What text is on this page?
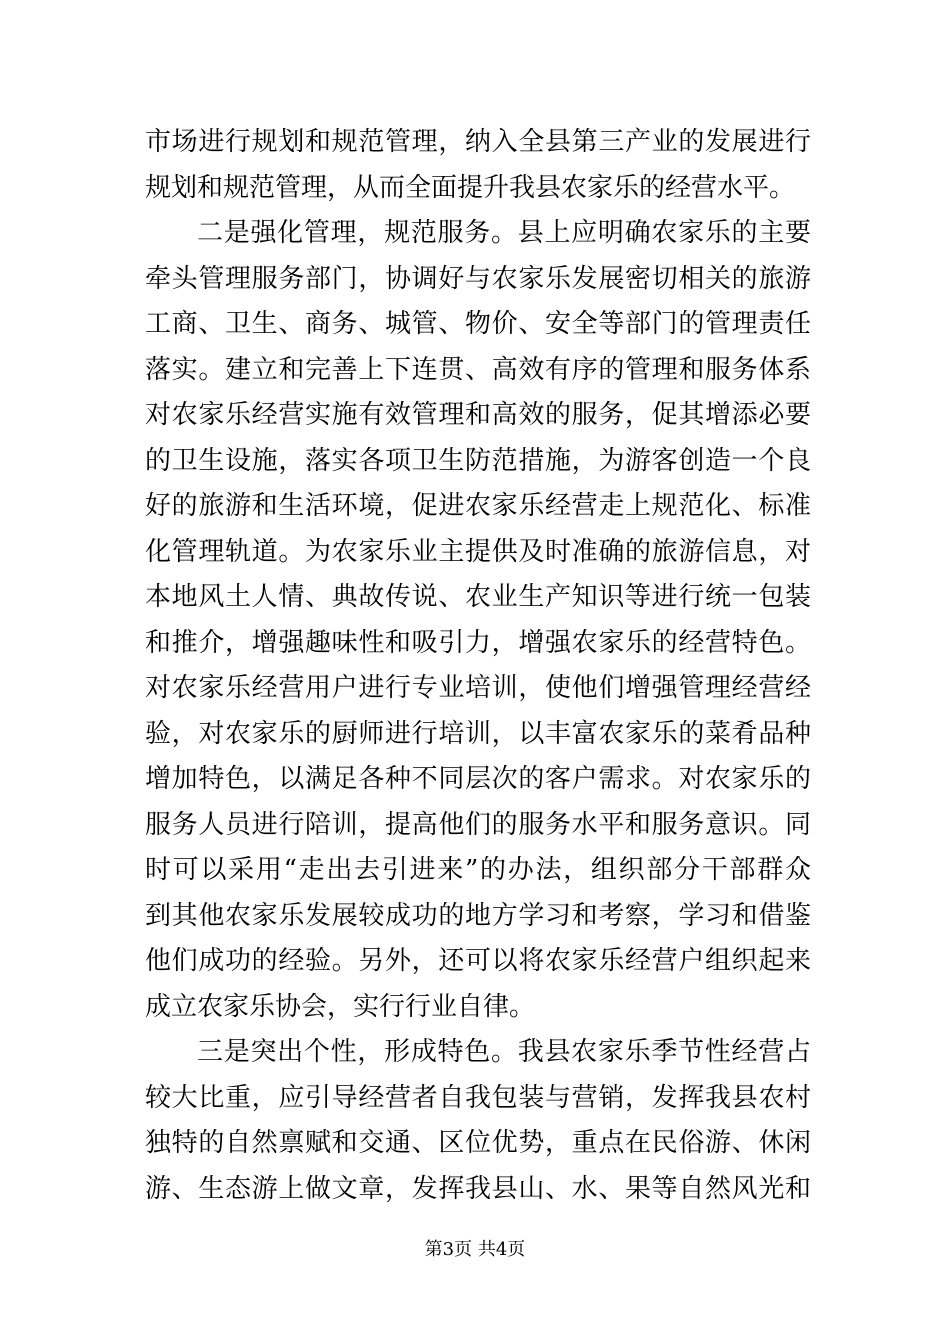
市场进行规划和规范管理，纳入全县第三产业的发展进行
规划和规范管理，从而全面提升我县农家乐的经营水平。
二是强化管理，规范服务。县上应明确农家乐的主要
牵头管理服务部门，协调好与农家乐发展密切相关的旅游
工商、卫生、商务、城管、物价、安全等部门的管理责任
落实。建立和完善上下连贯、高效有序的管理和服务体系
对农家乐经营实施有效管理和高效的服务，促其增添必要
的卫生设施，落实各项卫生防范措施，为游客创造一个良
好的旅游和生活环境，促进农家乐经营走上规范化、标准
化管理轨道。为农家乐业主提供及时准确的旅游信息，对
本地风土人情、典故传说、农业生产知识等进行统一包装
和推介，增强趣味性和吸引力，增强农家乐的经营特色。
对农家乐经营用户进行专业培训，使他们增强管理经营经
验，对农家乐的厨师进行培训，以丰富农家乐的菜肴品种
增加特色，以满足各种不同层次的客户需求。对农家乐的
服务人员进行陪训，提高他们的服务水平和服务意识。同
时可以采用“走出去引进来”的办法，组织部分干部群众
到其他农家乐发展较成功的地方学习和考察，学习和借鉴
他们成功的经验。另外，还可以将农家乐经营户组织起来
成立农家乐协会，实行行业自律。
三是突出个性，形成特色。我县农家乐季节性经营占
较大比重，应引导经营者自我包装与营销，发挥我县农村
独特的自然禀赋和交通、区位优势，重点在民俗游、休闲
游、生态游上做文章，发挥我县山、水、果等自然风光和
第3页 共4页
